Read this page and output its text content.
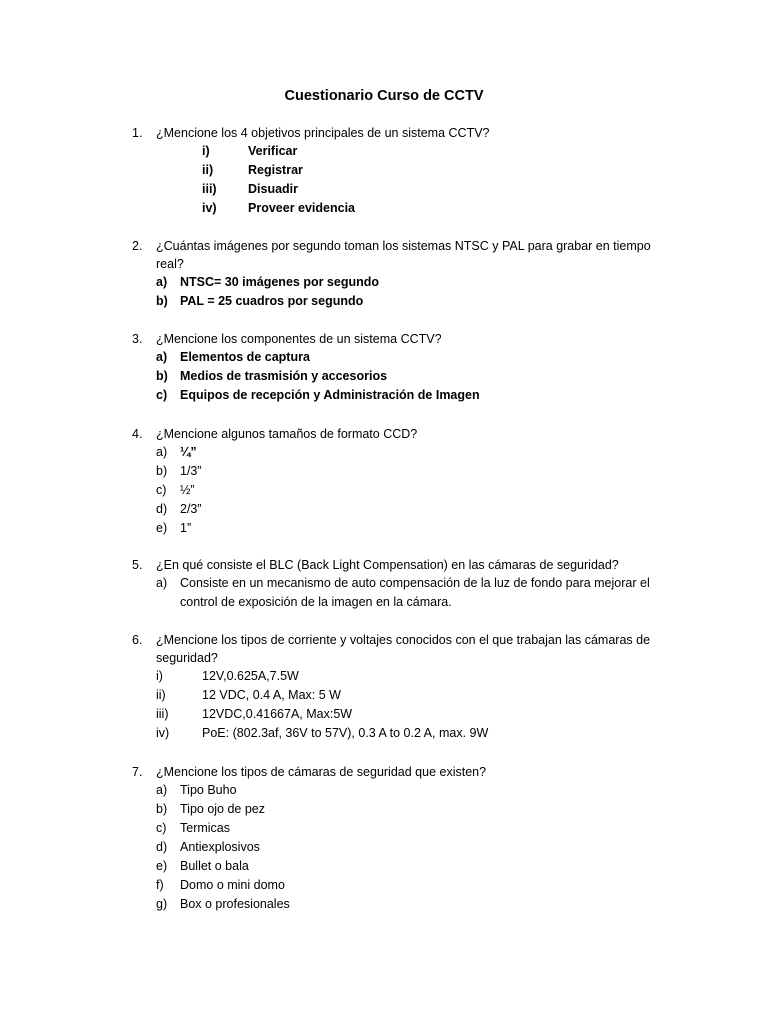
Cuestionario Curso de CCTV
1. ¿Mencione los 4 objetivos principales de un sistema CCTV?
i)	Verificar
ii)	Registrar
iii)	Disuadir
iv)	Proveer evidencia
2. ¿Cuántas imágenes por segundo toman los sistemas NTSC y PAL para grabar en tiempo real?
a) NTSC= 30 imágenes por segundo
b) PAL = 25 cuadros por segundo
3. ¿Mencione los componentes de un sistema CCTV?
a) Elementos de captura
b) Medios de trasmisión y accesorios
c) Equipos de recepción y Administración de Imagen
4. ¿Mencione algunos tamaños de formato CCD?
a) ¼”
b) 1/3”
c) ½”
d) 2/3”
e) 1”
5. ¿En qué consiste el BLC (Back Light Compensation) en las cámaras de seguridad?
a) Consiste en un mecanismo de auto compensación de la luz de fondo para mejorar el control de exposición de la imagen en la cámara.
6. ¿Mencione los tipos de corriente y voltajes conocidos con el que trabajan las cámaras de seguridad?
i)	12V,0.625A,7.5W
ii)	12 VDC, 0.4 A, Max: 5 W
iii)	12VDC,0.41667A, Max:5W
iv)	PoE: (802.3af, 36V to 57V), 0.3 A to 0.2 A, max. 9W
7. ¿Mencione los tipos de cámaras de seguridad que existen?
a) Tipo Buho
b) Tipo ojo de pez
c) Termicas
d) Antiexplosivos
e) Bullet o bala
f) Domo o mini domo
g) Box o profesionales
